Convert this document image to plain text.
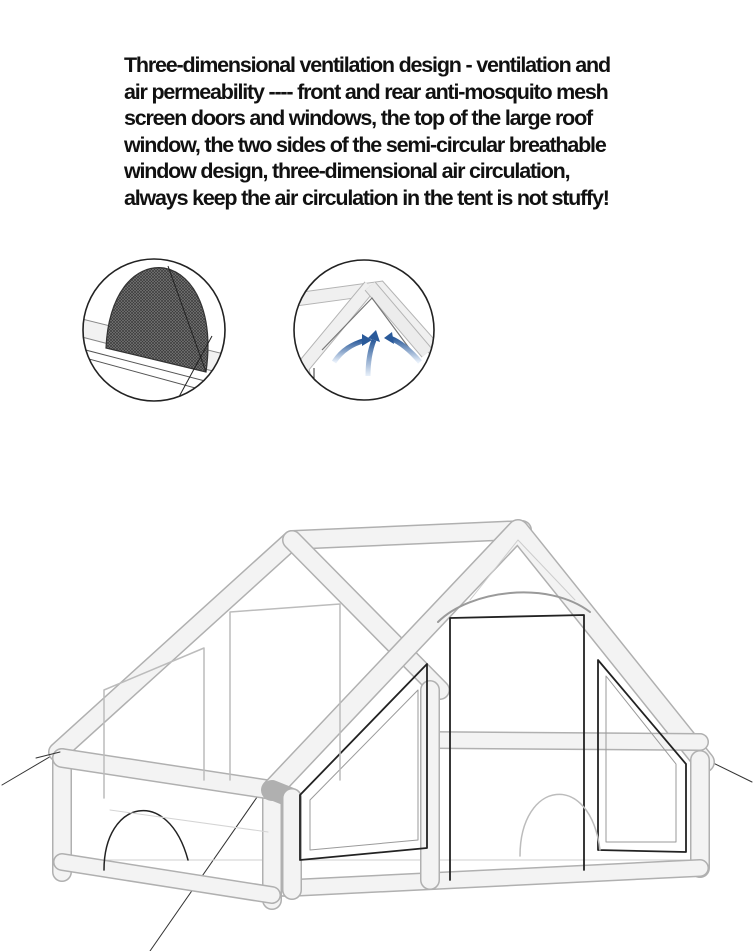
Three-dimensional ventilation design - ventilation and
air permeability ---- front and rear anti-mosquito mesh
screen doors and windows, the top of the large roof
window, the two sides of the semi-circular breathable
window design, three-dimensional air circulation,
always keep the air circulation in the tent is not stuffy!
